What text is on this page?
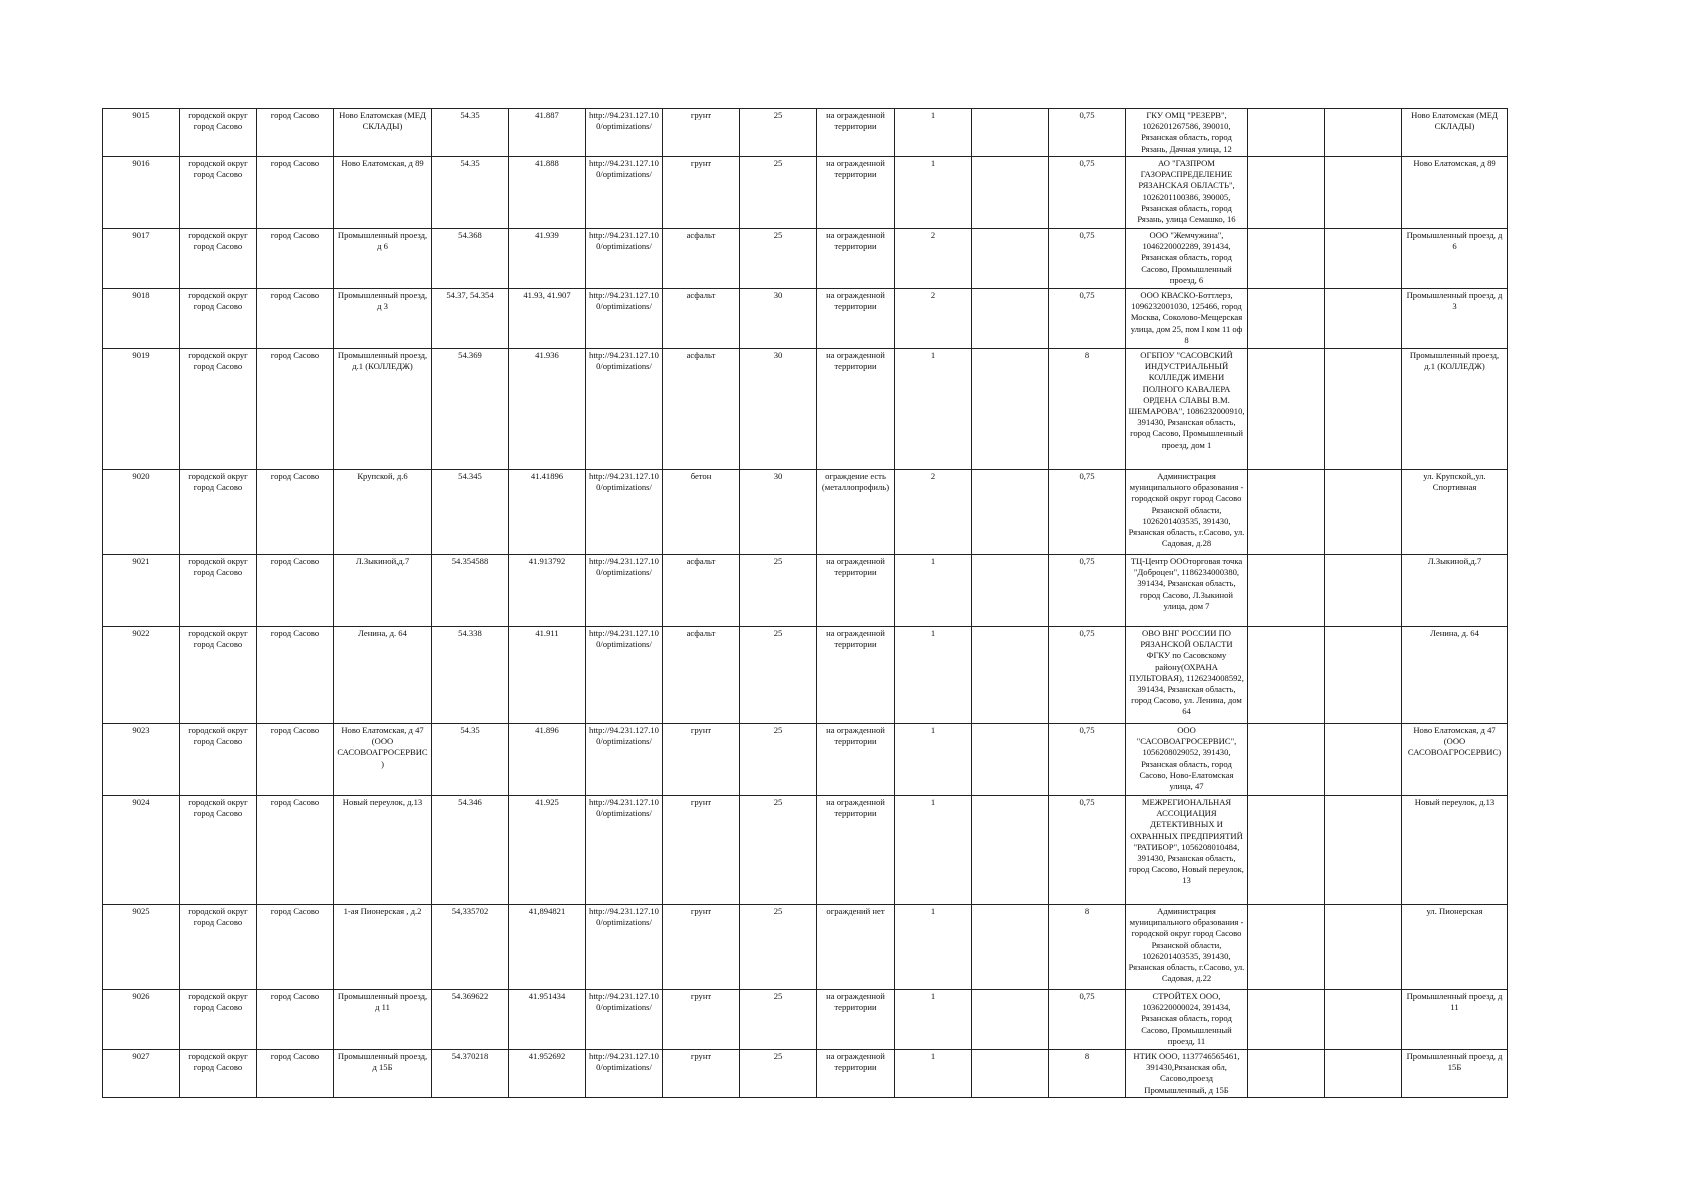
9015	городской округ город Сасово	город Сасово	Ново Елатомская (МЕД СКЛАДЫ)	54.35	41.887	http://94.231.127.100/optimizations/	грунт	25	на огражденной территории	1		0,75	ГКУ ОМЦ "РЕЗЕРВ", 1026201267586, 390010, Рязанская область, город Рязань, Дачная улица, 12			Ново Елатомская (МЕД СКЛАДЫ)
9016	городской округ город Сасово	город Сасово	Ново Елатомская, д 89	54.35	41.888	http://94.231.127.100/optimizations/	грунт	25	на огражденной территории	1		0,75	АО "ГАЗПРОМ ГАЗОРАСПРЕДЕЛЕНИЕ РЯЗАНСКАЯ ОБЛАСТЬ", 1026201100386, 390005, Рязанская область, город Рязань, улица Семашко, 16			Ново Елатомская, д 89
9017	городской округ город Сасово	город Сасово	Промышленный проезд, д 6	54.368	41.939	http://94.231.127.100/optimizations/	асфальт	25	на огражденной территории	2		0,75	ООО "Жемчужина", 1046220002289, 391434, Рязанская область, город Сасово, Промышленный проезд, 6			Промышленный проезд, д 6
9018	городской округ город Сасово	город Сасово	Промышленный проезд, д 3	54.37, 54.354	41.93, 41.907	http://94.231.127.100/optimizations/	асфальт	30	на огражденной территории	2		0,75	ООО КВАСКО-Боттлерз, 1096232001030, 125466, город Москва, Соколово-Мещерская улица, дом 25, пом I ком 11 оф 8			Промышленный проезд, д 3
9019	городской округ город Сасово	город Сасово	Промышленный проезд, д.1 (КОЛЛЕДЖ)	54.369	41.936	http://94.231.127.100/optimizations/	асфальт	30	на огражденной территории	1		8	ОГБПОУ "САСОВСКИЙ ИНДУСТРИАЛЬНЫЙ КОЛЛЕДЖ ИМЕНИ ПОЛНОГО КАВАЛЕРА ОРДЕНА СЛАВЫ В.М. ШЕМАРОВА", 1086232000910, 391430, Рязанская область, город Сасово, Промышленный проезд, дом 1			Промышленный проезд, д.1 (КОЛЛЕДЖ)
9020	городской округ город Сасово	город Сасово	Крупской, д.6	54.345	41.41896	http://94.231.127.100/optimizations/	бетон	30	ограждение есть (металлопрофиль)	2		0,75	Администрация муниципального образования - городской округ город Сасово Рязанской области, 1026201403535, 391430, Рязанская область, г.Сасово, ул. Садовая, д.28			ул. Крупской,,ул. Спортивная
9021	городской округ город Сасово	город Сасово	Л.Зыкиной,д.7	54.354588	41.913792	http://94.231.127.100/optimizations/	асфальт	25	на огражденной территории	1		0,75	ТЦ-Центр ОООторговая точка "Доброцен", 1186234000380, 391434, Рязанская область, город Сасово, Л.Зыкиной улица, дом 7			Л.Зыкиной,д.7
9022	городской округ город Сасово	город Сасово	Ленина, д. 64	54.338	41.911	http://94.231.127.100/optimizations/	асфальт	25	на огражденной территории	1		0,75	ОВО ВНГ РОССИИ ПО РЯЗАНСКОЙ ОБЛАСТИ ФГКУ по Сасовскому району(ОХРАНА ПУЛЬТОВАЯ), 1126234008592, 391434, Рязанская область, город Сасово, ул. Ленина, дом 64			Ленина, д. 64
9023	городской округ город Сасово	город Сасово	Ново Елатомская, д 47 (ООО САСОВОАГРОСЕРВИС)	54.35	41.896	http://94.231.127.100/optimizations/	грунт	25	на огражденной территории	1		0,75	ООО "САСОВОАГРОСЕРВИС", 1056208029052, 391430, Рязанская область, город Сасово, Ново-Елатомская улица, 47			Ново Елатомская, д 47 (ООО САСОВОАГРОСЕРВИС)
9024	городской округ город Сасово	город Сасово	Новый переулок, д.13	54.346	41.925	http://94.231.127.100/optimizations/	грунт	25	на огражденной территории	1		0,75	МЕЖРЕГИОНАЛЬНАЯ АССОЦИАЦИЯ ДЕТЕКТИВНЫХ И ОХРАННЫХ ПРЕДПРИЯТИЙ "РАТИБОР", 1056208010484, 391430, Рязанская область, город Сасово, Новый переулок, 13			Новый переулок, д.13
9025	городской округ город Сасово	город Сасово	1-ая Пионерская , д.2	54,335702	41,894821	http://94.231.127.100/optimizations/	грунт	25	ограждений нет	1		8	Администрация муниципального образования - городской округ город Сасово Рязанской области, 1026201403535, 391430, Рязанская область, г.Сасово, ул. Садовая, д.22			ул. Пионерская
9026	городской округ город Сасово	город Сасово	Промышленный проезд, д 11	54.369622	41.951434	http://94.231.127.100/optimizations/	грунт	25	на огражденной территории	1		0,75	СТРОЙТЕХ ООО, 1036220000024, 391434, Рязанская область, город Сасово, Промышленный проезд, 11			Промышленный проезд, д 11
9027	городской округ город Сасово	город Сасово	Промышленный проезд, д 15Б	54.370218	41.952692	http://94.231.127.100/optimizations/	грунт	25	на огражденной территории	1		8	НТИК ООО, 1137746565461, 391430,Рязанская обл, Сасово,проезд Промышленный, д 15Б			Промышленный проезд, д 15Б
